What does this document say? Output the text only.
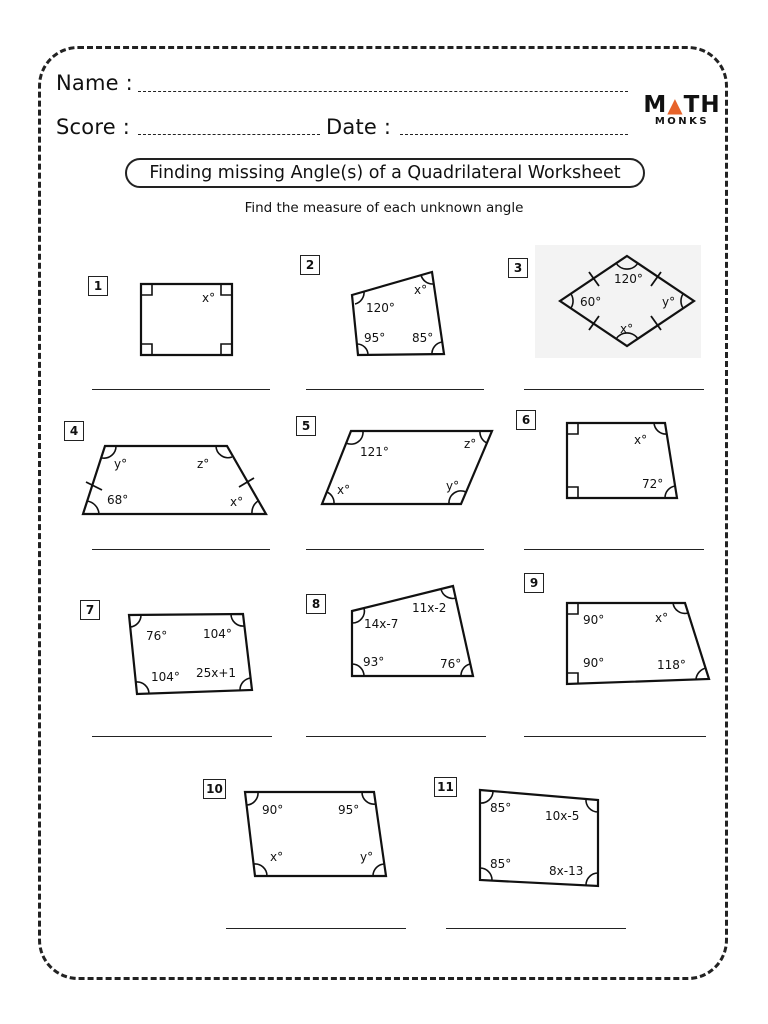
Name :
Score :	Date :
M▲TH
MONKS
Finding missing Angle(s) of a Quadrilateral Worksheet
Find the measure of each unknown angle
1
2	3
4	5	6
7	8
9
10	11
x°
x°
120°
95° 85°
120°
60°	y°
x°
y°	z°
68°	x°
121°
z°
x°	y°
x°
72°
76°	104°
104° 25x+1
11x-2
14x-7
93°	76°
90°	x°
90°	118°
90°	95°
x°	y°
85°
10x-5
85°	8x-13
